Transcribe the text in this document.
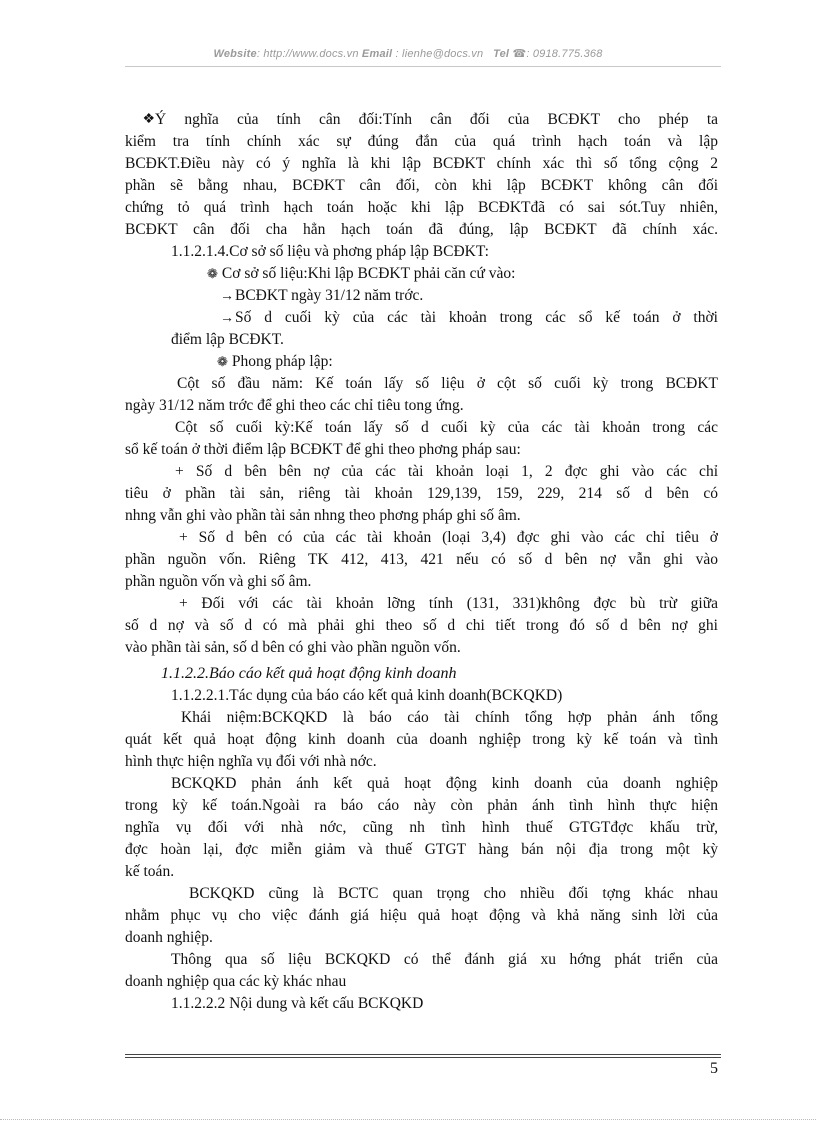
Website: http://www.docs.vn Email : lienhe@docs.vn Tel ☎: 0918.775.368
❖Ý nghĩa của tính cân đối:Tính cân đối của BCĐKT cho phép ta
kiểm tra tính chính xác sự đúng đắn của quá trình hạch toán và lập
BCĐKT.Điều này có ý nghĩa là khi lập BCĐKT chính xác thì số tổng cộng 2
phần sẽ bằng nhau, BCĐKT cân đối, còn khi lập BCĐKT không cân đối
chứng tỏ quá trình hạch toán hoặc khi lập BCĐKTđã có sai sót.Tuy nhiên,
BCĐKT cân đối cha hẳn hạch toán đã đúng, lập BCĐKT đã chính xác.
1.1.2.1.4.Cơ sở số liệu và phơng pháp lập BCĐKT:
❁ Cơ sở số liệu:Khi lập BCĐKT phải căn cứ vào:
→BCĐKT ngày 31/12 năm trớc.
→Số d cuối kỳ của các tài khoản trong các sổ kế toán ở thời
điểm lập BCĐKT.
❁ Phong pháp lập:
Cột số đầu năm: Kế toán lấy số liệu ở cột số cuối kỳ trong BCĐKT
ngày 31/12 năm trớc để ghi theo các chỉ tiêu tong ứng.
Cột số cuối kỳ:Kế toán lấy số d cuối kỳ của các tài khoản trong các
sổ kế toán ở thời điểm lập BCĐKT để ghi theo phơng pháp sau:
+ Số d bên bên nợ của các tài khoản loại 1, 2 đợc ghi vào các chỉ
tiêu ở phần tài sản, riêng tài khoản 129,139, 159, 229, 214 số d bên có
nhng vẫn ghi vào phần tài sản nhng theo phơng pháp ghi số âm.
+ Số d bên có của các tài khoản (loại 3,4) đợc ghi vào các chỉ tiêu ở
phần nguồn vốn. Riêng TK 412, 413, 421 nếu có số d bên nợ vẫn ghi vào
phần nguồn vốn và ghi số âm.
+ Đối với các tài khoản lỡng tính (131, 331)không đợc bù trừ giữa
số d nợ và số d có mà phải ghi theo số d chi tiết trong đó số d bên nợ ghi
vào phần tài sản, số d bên có ghi vào phần nguồn vốn.
1.1.2.2.Báo cáo kết quả hoạt động kinh doanh
1.1.2.2.1.Tác dụng của báo cáo kết quả kinh doanh(BCKQKD)
Khái niệm:BCKQKD là báo cáo tài chính tổng hợp phản ánh tổng
quát kết quả hoạt động kinh doanh của doanh nghiệp trong kỳ kế toán và tình
hình thực hiện nghĩa vụ đối với nhà nớc.
BCKQKD phản ánh kết quả hoạt động kinh doanh của doanh nghiệp
trong kỳ kế toán.Ngoài ra báo cáo này còn phản ánh tình hình thực hiện
nghĩa vụ đối với nhà nớc, cũng nh tình hình thuế GTGTđợc khấu trừ,
đợc hoàn lại, đợc miễn giảm và thuế GTGT hàng bán nội địa trong một kỳ
kế toán.
BCKQKD cũng là BCTC quan trọng cho nhiều đối tợng khác nhau
nhằm phục vụ cho việc đánh giá hiệu quả hoạt động và khả năng sinh lời của
doanh nghiệp.
Thông qua số liệu BCKQKD có thể đánh giá xu hớng phát triển của
doanh nghiệp qua các kỳ khác nhau
1.1.2.2.2 Nội dung và kết cấu BCKQKD
5
